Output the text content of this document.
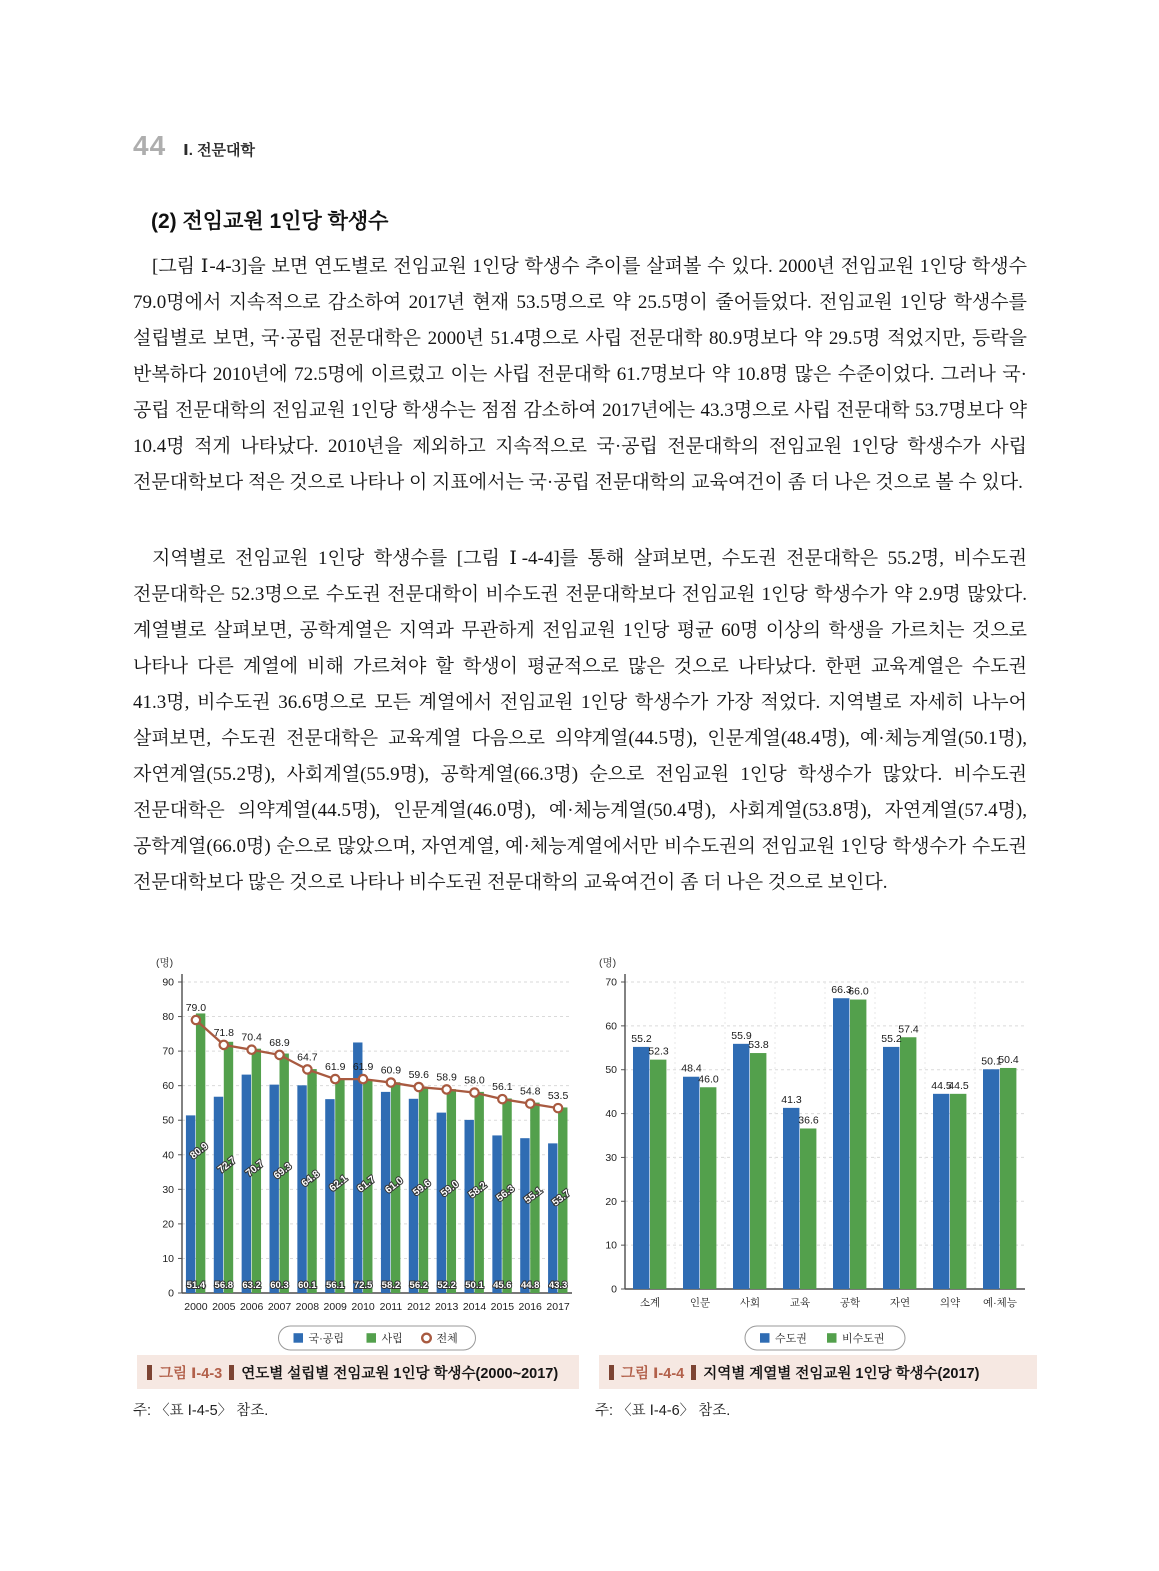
44 Ⅰ. 전문대학
(2) 전임교원 1인당 학생수

[그림 Ⅰ-4-3]을 보면 연도별로 전임교원 1인당 학생수 추이를 살펴볼 수 있다. 2000년 전임교원 1인당 학생수 79.0명에서 지속적으로 감소하여 2017년 현재 53.5명으로 약 25.5명이 줄어들었다. 전임교원 1인당 학생수를 설립별로 보면, 국·공립 전문대학은 2000년 51.4명으로 사립 전문대학 80.9명보다 약 29.5명 적었지만, 등락을 반복하다 2010년에 72.5명에 이르렀고 이는 사립 전문대학 61.7명보다 약 10.8명 많은 수준이었다. 그러나 국·공립 전문대학의 전임교원 1인당 학생수는 점점 감소하여 2017년에는 43.3명으로 사립 전문대학 53.7명보다 약 10.4명 적게 나타났다. 2010년을 제외하고 지속적으로 국·공립 전문대학의 전임교원 1인당 학생수가 사립 전문대학보다 적은 것으로 나타나 이 지표에서는 국·공립 전문대학의 교육여건이 좀 더 나은 것으로 볼 수 있다.

지역별로 전임교원 1인당 학생수를 [그림 Ⅰ-4-4]를 통해 살펴보면, 수도권 전문대학은 55.2명, 비수도권 전문대학은 52.3명으로 수도권 전문대학이 비수도권 전문대학보다 전임교원 1인당 학생수가 약 2.9명 많았다. 계열별로 살펴보면, 공학계열은 지역과 무관하게 전임교원 1인당 평균 60명 이상의 학생을 가르치는 것으로 나타나 다른 계열에 비해 가르쳐야 할 학생이 평균적으로 많은 것으로 나타났다. 한편 교육계열은 수도권 41.3명, 비수도권 36.6명으로 모든 계열에서 전임교원 1인당 학생수가 가장 적었다. 지역별로 자세히 나누어 살펴보면, 수도권 전문대학은 교육계열 다음으로 의약계열(44.5명), 인문계열(48.4명), 예·체능계열(50.1명), 자연계열(55.2명), 사회계열(55.9명), 공학계열(66.3명) 순으로 전임교원 1인당 학생수가 많았다. 비수도권 전문대학은 의약계열(44.5명), 인문계열(46.0명), 예·체능계열(50.4명), 사회계열(53.8명), 자연계열(57.4명), 공학계열(66.0명) 순으로 많았으며, 자연계열, 예·체능계열에서만 비수도권의 전임교원 1인당 학생수가 수도권 전문대학보다 많은 것으로 나타나 비수도권 전문대학의 교육여건이 좀 더 나은 것으로 보인다.

(명)
0
10
20
30
40
50
60
70
80
90
2000 2005 2006 2007 2008 2009 2010 2011 2012 2013 2014 2015 2016 2017
51.4 56.8 63.2 60.3 60.1 56.1 72.5 58.2 56.2 52.2 50.1 45.6 44.8 43.3
80.9
72.7 70.7 69.3 64.8 62.1 61.7 61.0 59.6 59.0 58.2 56.3 55.1 53.7
79.0
71.8 70.4 68.9
64.7
61.9 61.9 60.9 59.6 58.9 58.0
56.1 54.8 53.5
국·공립	사립	전체
(명)
0
10
20
30
40
50
60
70
소계	인문	사회	교육	공학	자연	의약 예·체능
55.2
48.4
55.9
41.3
66.3
55.2
44.5
50.1
52.3
46.0
53.8
36.6
66.0
57.4
44.5
50.4
수도권	비수도권
그림 Ⅰ-4-3 연도별 설립별 전임교원 1인당 학생수(2000~2017)	그림 Ⅰ-4-4 지역별 계열별 전임교원 1인당 학생수(2017)
주: 〈표 Ⅰ-4-5〉 참조.	주: 〈표 Ⅰ-4-6〉 참조.
